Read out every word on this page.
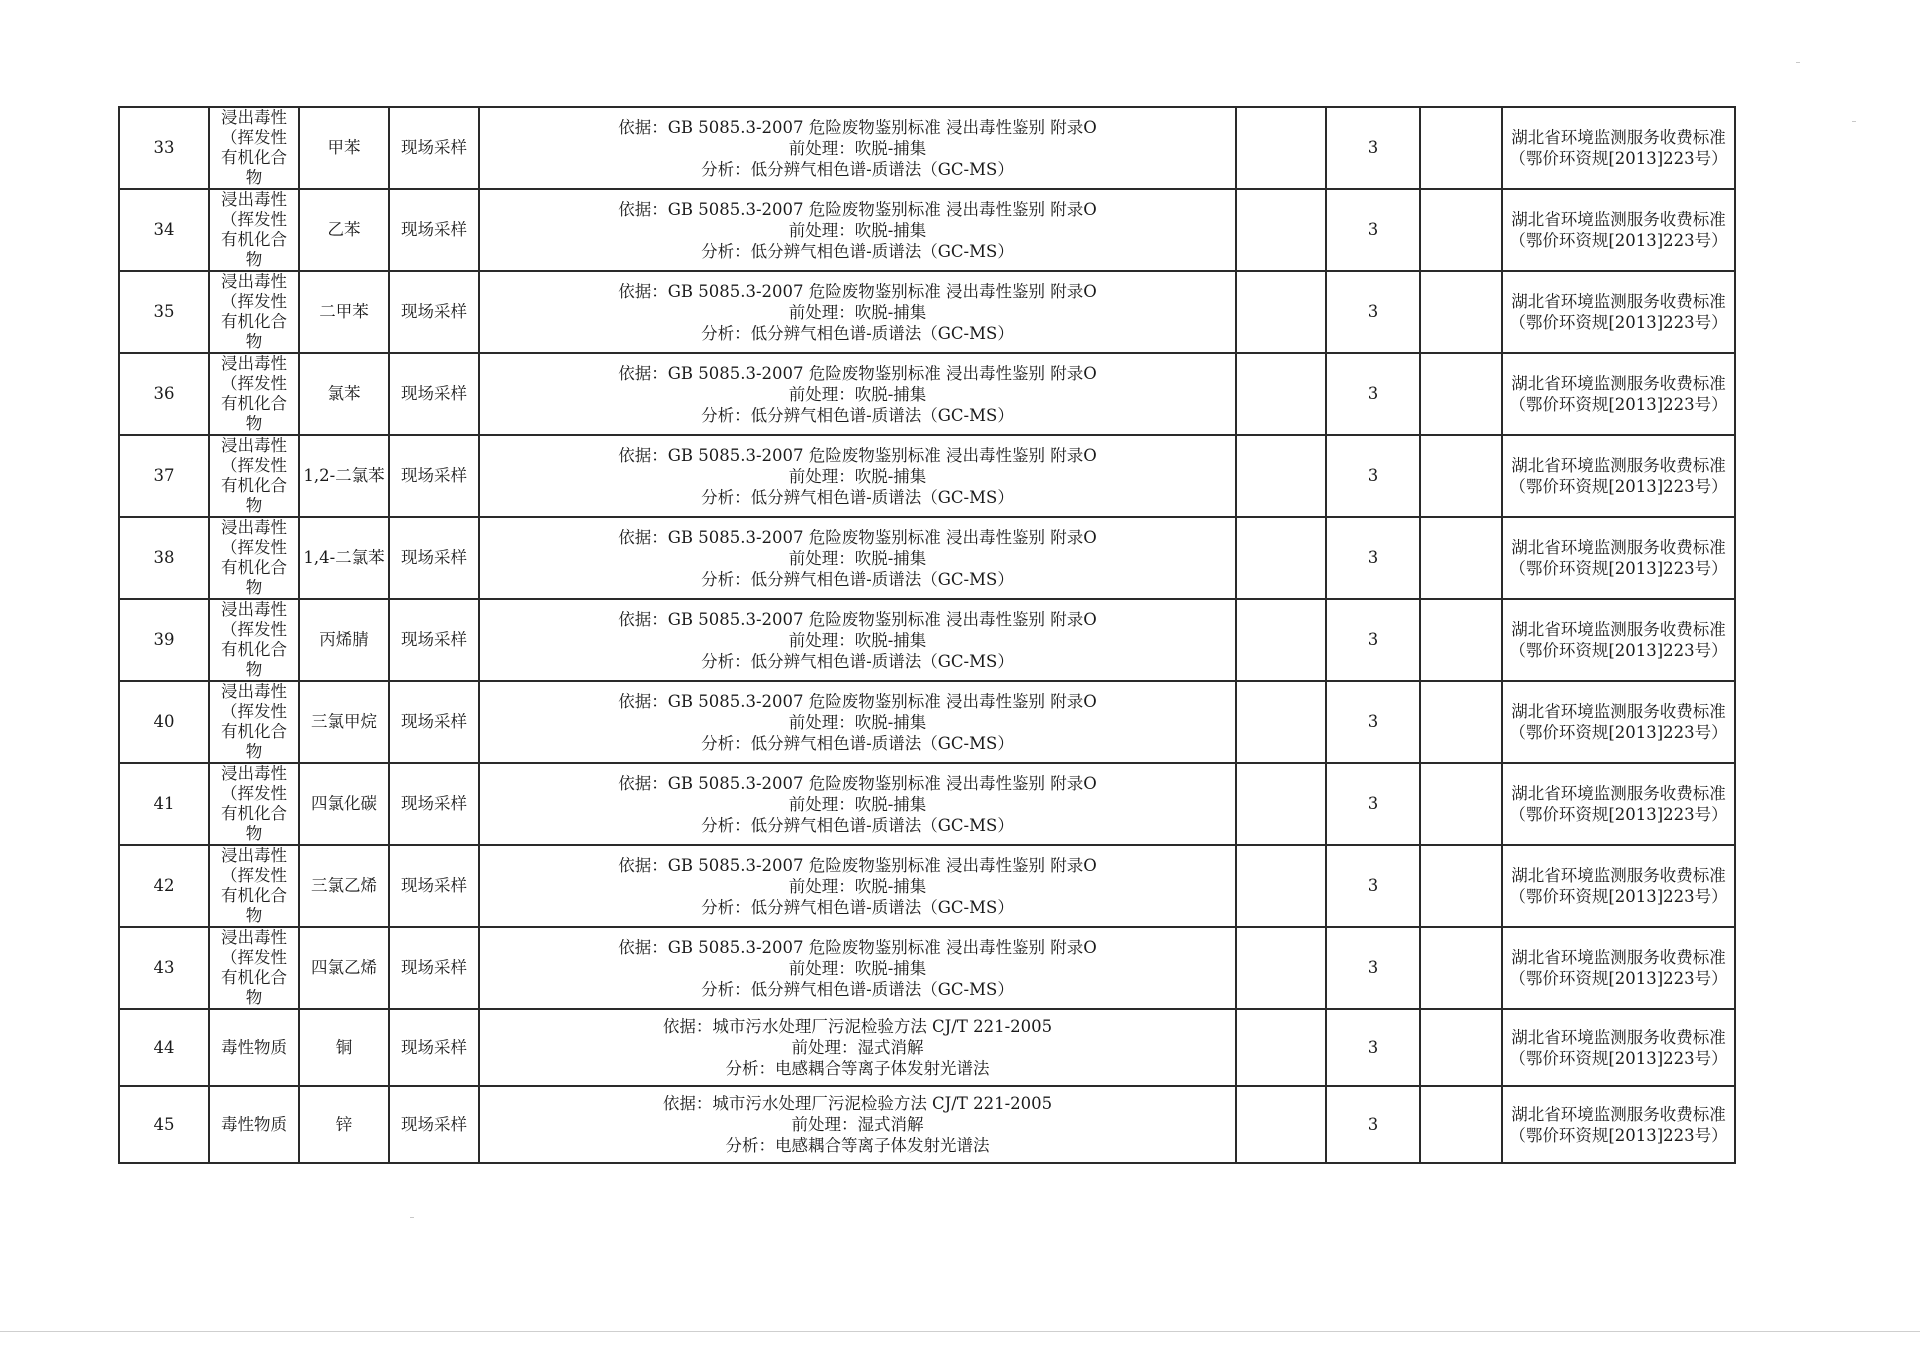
33	浸出毒性
（挥发性
有机化合
物	甲苯	现场采样	依据：GB 5085.3-2007 危险废物鉴别标准 浸出毒性鉴别 附录O
前处理：吹脱-捕集
分析：低分辨气相色谱-质谱法（GC-MS）		3		湖北省环境监测服务收费标准
（鄂价环资规[2013]223号）

34	浸出毒性
（挥发性
有机化合
物	乙苯	现场采样	依据：GB 5085.3-2007 危险废物鉴别标准 浸出毒性鉴别 附录O
前处理：吹脱-捕集
分析：低分辨气相色谱-质谱法（GC-MS）		3		湖北省环境监测服务收费标准
（鄂价环资规[2013]223号）

35	浸出毒性
（挥发性
有机化合
物	二甲苯	现场采样	依据：GB 5085.3-2007 危险废物鉴别标准 浸出毒性鉴别 附录O
前处理：吹脱-捕集
分析：低分辨气相色谱-质谱法（GC-MS）		3		湖北省环境监测服务收费标准
（鄂价环资规[2013]223号）

36	浸出毒性
（挥发性
有机化合
物	氯苯	现场采样	依据：GB 5085.3-2007 危险废物鉴别标准 浸出毒性鉴别 附录O
前处理：吹脱-捕集
分析：低分辨气相色谱-质谱法（GC-MS）		3		湖北省环境监测服务收费标准
（鄂价环资规[2013]223号）

37	浸出毒性
（挥发性
有机化合
物	1,2-二氯苯	现场采样	依据：GB 5085.3-2007 危险废物鉴别标准 浸出毒性鉴别 附录O
前处理：吹脱-捕集
分析：低分辨气相色谱-质谱法（GC-MS）		3		湖北省环境监测服务收费标准
（鄂价环资规[2013]223号）

38	浸出毒性
（挥发性
有机化合
物	1,4-二氯苯	现场采样	依据：GB 5085.3-2007 危险废物鉴别标准 浸出毒性鉴别 附录O
前处理：吹脱-捕集
分析：低分辨气相色谱-质谱法（GC-MS）		3		湖北省环境监测服务收费标准
（鄂价环资规[2013]223号）

39	浸出毒性
（挥发性
有机化合
物	丙烯腈	现场采样	依据：GB 5085.3-2007 危险废物鉴别标准 浸出毒性鉴别 附录O
前处理：吹脱-捕集
分析：低分辨气相色谱-质谱法（GC-MS）		3		湖北省环境监测服务收费标准
（鄂价环资规[2013]223号）

40	浸出毒性
（挥发性
有机化合
物	三氯甲烷	现场采样	依据：GB 5085.3-2007 危险废物鉴别标准 浸出毒性鉴别 附录O
前处理：吹脱-捕集
分析：低分辨气相色谱-质谱法（GC-MS）		3		湖北省环境监测服务收费标准
（鄂价环资规[2013]223号）

41	浸出毒性
（挥发性
有机化合
物	四氯化碳	现场采样	依据：GB 5085.3-2007 危险废物鉴别标准 浸出毒性鉴别 附录O
前处理：吹脱-捕集
分析：低分辨气相色谱-质谱法（GC-MS）		3		湖北省环境监测服务收费标准
（鄂价环资规[2013]223号）

42	浸出毒性
（挥发性
有机化合
物	三氯乙烯	现场采样	依据：GB 5085.3-2007 危险废物鉴别标准 浸出毒性鉴别 附录O
前处理：吹脱-捕集
分析：低分辨气相色谱-质谱法（GC-MS）		3		湖北省环境监测服务收费标准
（鄂价环资规[2013]223号）

43	浸出毒性
（挥发性
有机化合
物	四氯乙烯	现场采样	依据：GB 5085.3-2007 危险废物鉴别标准 浸出毒性鉴别 附录O
前处理：吹脱-捕集
分析：低分辨气相色谱-质谱法（GC-MS）		3		湖北省环境监测服务收费标准
（鄂价环资规[2013]223号）

44	毒性物质	铜	现场采样	依据：城市污水处理厂污泥检验方法 CJ/T 221-2005
前处理：湿式消解
分析：电感耦合等离子体发射光谱法		3		湖北省环境监测服务收费标准
（鄂价环资规[2013]223号）

45	毒性物质	锌	现场采样	依据：城市污水处理厂污泥检验方法 CJ/T 221-2005
前处理：湿式消解
分析：电感耦合等离子体发射光谱法		3		湖北省环境监测服务收费标准
（鄂价环资规[2013]223号）
